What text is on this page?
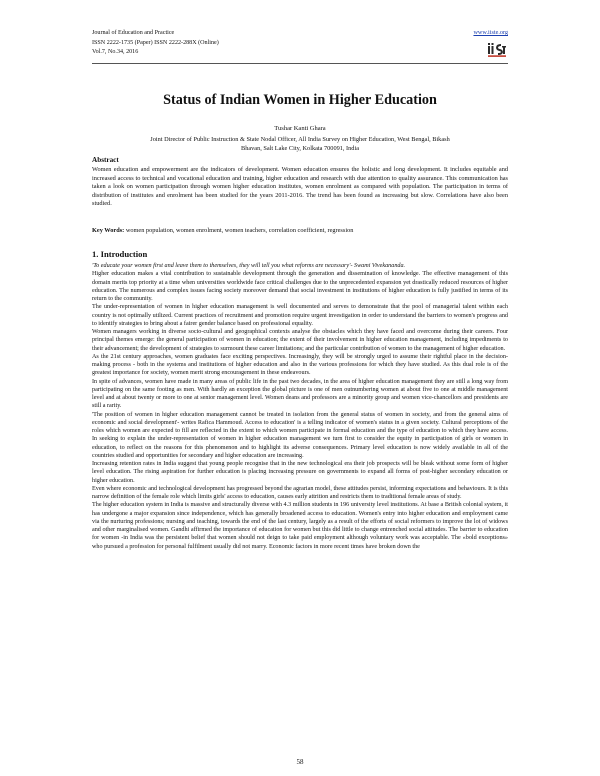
Journal of Education and Practice
ISSN 2222-1735 (Paper) ISSN 2222-288X (Online)
Vol.7, No.34, 2016
www.iiste.org
Status of Indian Women in Higher Education
Tushar Kanti Ghara
Joint Director of Public Instruction & State Nodal Officer, All India Survey on Higher Education, West Bengal, Bikash
Bhavan, Salt Lake City, Kolkata 700091, India
Abstract
Women education and empowerment are the indicators of development. Women education ensures the holistic and long development. It includes equitable and increased access to technical and vocational education and training, higher education and research with due attention to quality assurance. This communication has taken a look on women participation through women higher education institutes, women enrolment as compared with population. The participation in terms of distribution of institutes and enrolment has been studied for the years 2011-2016. The trend has been found as increasing but slow. Correlations have also been studied.
Key Words: women population, women enrolment, women teachers, correlation coefficient, regression
1. Introduction

'To educate your women first and leave them to themselves, they will tell you what reforms are necessary'- Swami Vivekananda.

Higher education makes a vital contribution to sustainable development through the generation and dissemination of knowledge. The effective management of this domain merits top priority at a time when universities worldwide face critical challenges due to the unprecedented expansion yet drastically reduced resources of higher education. The numerous and complex issues facing society moreover demand that social investment in institutions of higher education is fully justified in terms of its return to the community.

The under-representation of women in higher education management is well documented and serves to demonstrate that the pool of managerial talent within each country is not optimally utilized. Current practices of recruitment and promotion require urgent investigation in order to understand the barriers to women's progress and to identify strategies to bring about a fairer gender balance based on professional equality.

Women managers working in diverse socio-cultural and geographical contexts analyse the obstacles which they have faced and overcome during their careers. Four principal themes emerge: the general participation of women in education; the extent of their involvement in higher education management, including impediments to their advancement; the development of strategies to surmount these career limitations; and the particular contribution of women to the management of higher education.

As the 21st century approaches, women graduates face exciting perspectives. Increasingly, they will be strongly urged to assume their rightful place in the decision-making process - both in the systems and institutions of higher education and also in the various professions for which they have studied. As this dual role is of the greatest importance for society, women merit strong encouragement in these endeavours.

In spite of advances, women have made in many areas of public life in the past two decades, in the area of higher education management they are still a long way from participating on the same footing as men. With hardly an exception the global picture is one of men outnumbering women at about five to one at middle management level and at about twenty or more to one at senior management level. Women deans and professors are a minority group and women vice-chancellors and presidents are still a rarity.

'The position of women in higher education management cannot be treated in isolation from the general status of women in society, and from the general aims of economic and social development'- writes Rafica Hammoud. Access to education' is a telling indicator of women's status in a given society. Cultural perceptions of the roles which women are expected to fill are reflected in the extent to which women participate in formal education and the type of education to which they have access. In seeking to explain the under-representation of women in higher education management we turn first to consider the equity in participation of girls or women in education, to reflect on the reasons for this phenomenon and to highlight its adverse consequences. Primary level education is now widely available in all of the countries studied and opportunities for secondary and higher education are increasing.

Increasing retention rates in India suggest that young people recognise that in the new technological era their job prospects will be bleak without some form of higher level education. The rising aspiration for further education is placing increasing pressure on governments to expand all forms of post-higher secondary education or higher education.

Even where economic and technological development has progressed beyond the agrarian model, these attitudes persist, informing expectations and behaviours. It is this narrow definition of the female role which limits girls' access to education, causes early attrition and restricts them to traditional female areas of study.

The higher education system in India is massive and structurally diverse with 4.3 million students in 196 university level institutions. At base a British colonial system, it has undergone a major expansion since independence, which has generally broadened access to education. Women's entry into higher education and employment came via the nurturing professions; nursing and teaching, towards the end of the last century, largely as a result of the efforts of social reformers to improve the lot of widows and other marginalised women. Gandhi affirmed the importance of education for women but this did little to change entrenched social attitudes. The barrier to education for women -in India was the persistent belief that women should not deign to take paid employment although voluntary work was acceptable. The «bold exceptions» who pursued a profession for personal fulfilment usually did not marry. Economic factors in more recent times have broken down the

58
